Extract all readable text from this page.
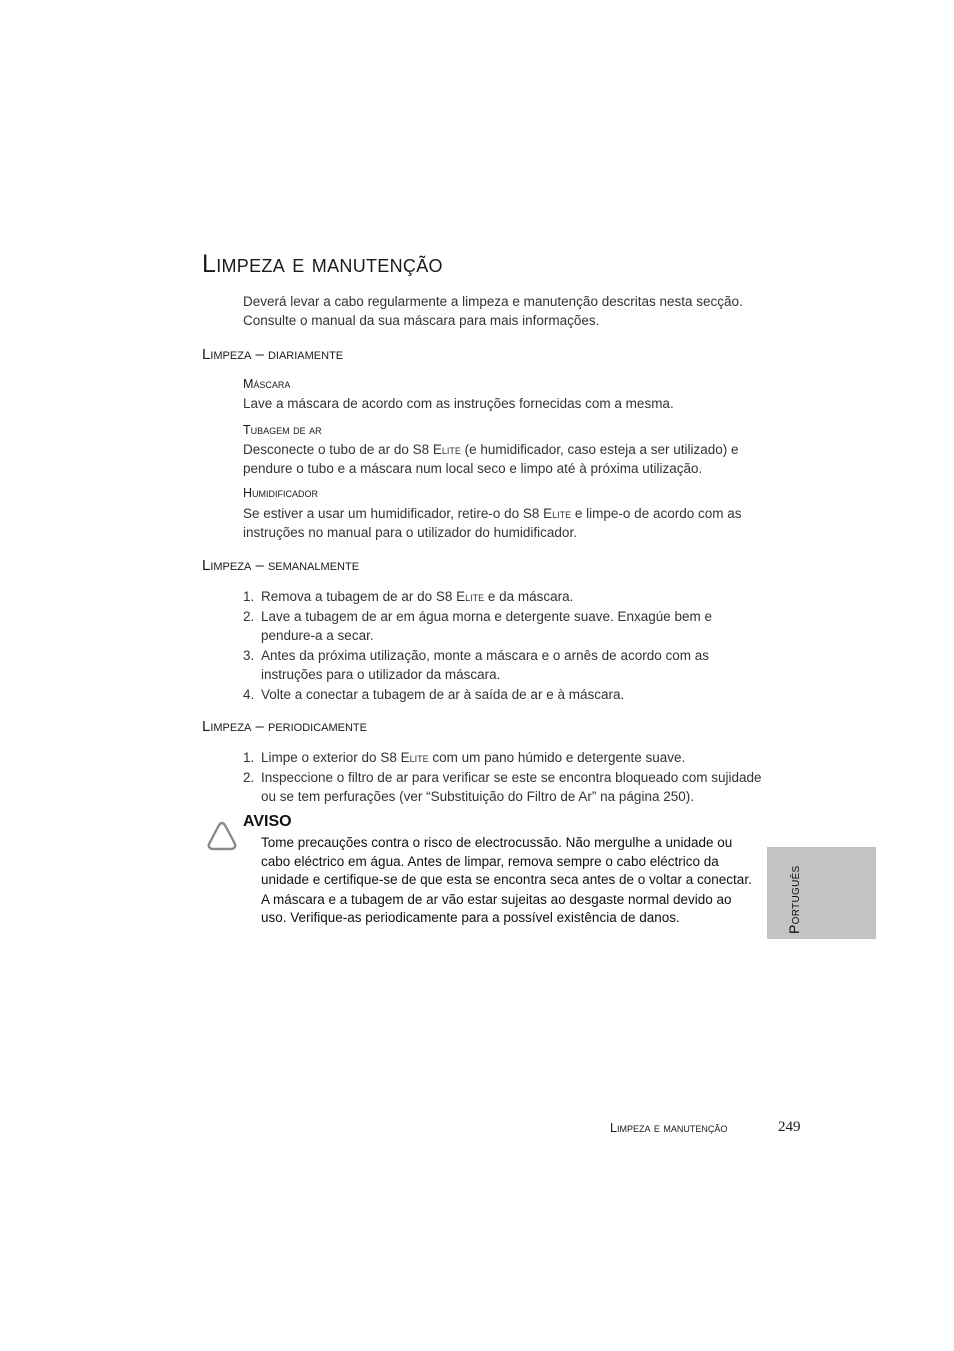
Limpeza e manutenção
Deverá levar a cabo regularmente a limpeza e manutenção descritas nesta secção. Consulte o manual da sua máscara para mais informações.
Limpeza – diariamente
Máscara

Lave a máscara de acordo com as instruções fornecidas com a mesma.

Tubagem de ar

Desconecte o tubo de ar do S8 Elite (e humidificador, caso esteja a ser utilizado) e pendure o tubo e a máscara num local seco e limpo até à próxima utilização.

Humidificador

Se estiver a usar um humidificador, retire-o do S8 Elite e limpe-o de acordo com as instruções no manual para o utilizador do humidificador.

Limpeza – semanalmente
1. Remova a tubagem de ar do S8 Elite e da máscara.
2. Lave a tubagem de ar em água morna e detergente suave. Enxagúe bem e pendure-a a secar.
3. Antes da próxima utilização, monte a máscara e o arnês de acordo com as instruções para o utilizador da máscara.
4. Volte a conectar a tubagem de ar à saída de ar e à máscara.
Limpeza – periodicamente
1. Limpe o exterior do S8 Elite com um pano húmido e detergente suave.
2. Inspeccione o filtro de ar para verificar se este se encontra bloqueado com sujidade ou se tem perfurações (ver “Substituição do Filtro de Ar” na página 250).
AVISO

Tome precauções contra o risco de electrocussão. Não mergulhe a unidade ou cabo eléctrico em água. Antes de limpar, remova sempre o cabo eléctrico da unidade e certifique-se de que esta se encontra seca antes de o voltar a conectar.

A máscara e a tubagem de ar vão estar sujeitas ao desgaste normal devido ao uso. Verifique-as periodicamente para a possível existência de danos.	Português
Limpeza e manutenção	249
